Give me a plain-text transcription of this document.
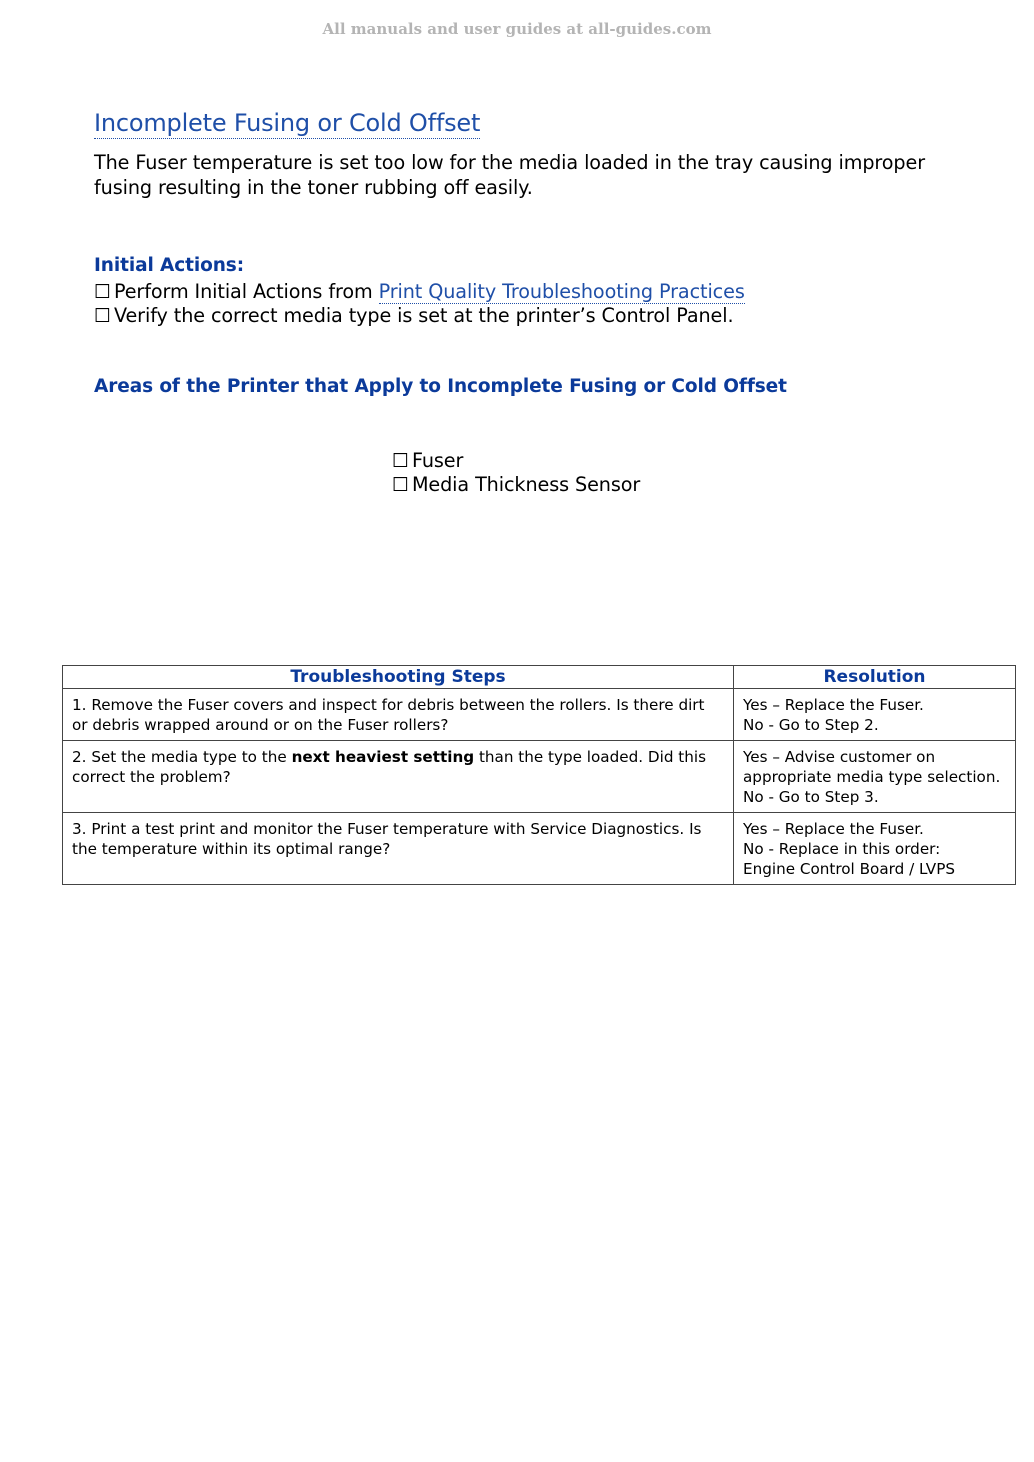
All manuals and user guides at all-guides.com
Incomplete Fusing or Cold Offset
The Fuser temperature is set too low for the media loaded in the tray causing improper fusing resulting in the toner rubbing off easily.
Initial Actions:
☐ Perform Initial Actions from Print Quality Troubleshooting Practices
☐ Verify the correct media type is set at the printer’s Control Panel.
Areas of the Printer that Apply to Incomplete Fusing or Cold Offset
☐ Fuser
☐ Media Thickness Sensor
Troubleshooting Steps	Resolution
1. Remove the Fuser covers and inspect for debris between the rollers. Is there dirt or debris wrapped around or on the Fuser rollers?	Yes – Replace the Fuser.
No - Go to Step 2.

2. Set the media type to the next heaviest setting than the type loaded. Did this correct the problem?	Yes – Advise customer on appropriate media type selection.
No - Go to Step 3.

3. Print a test print and monitor the Fuser temperature with Service Diagnostics. Is the temperature within its optimal range?	Yes – Replace the Fuser.
No - Replace in this order:
Engine Control Board / LVPS
